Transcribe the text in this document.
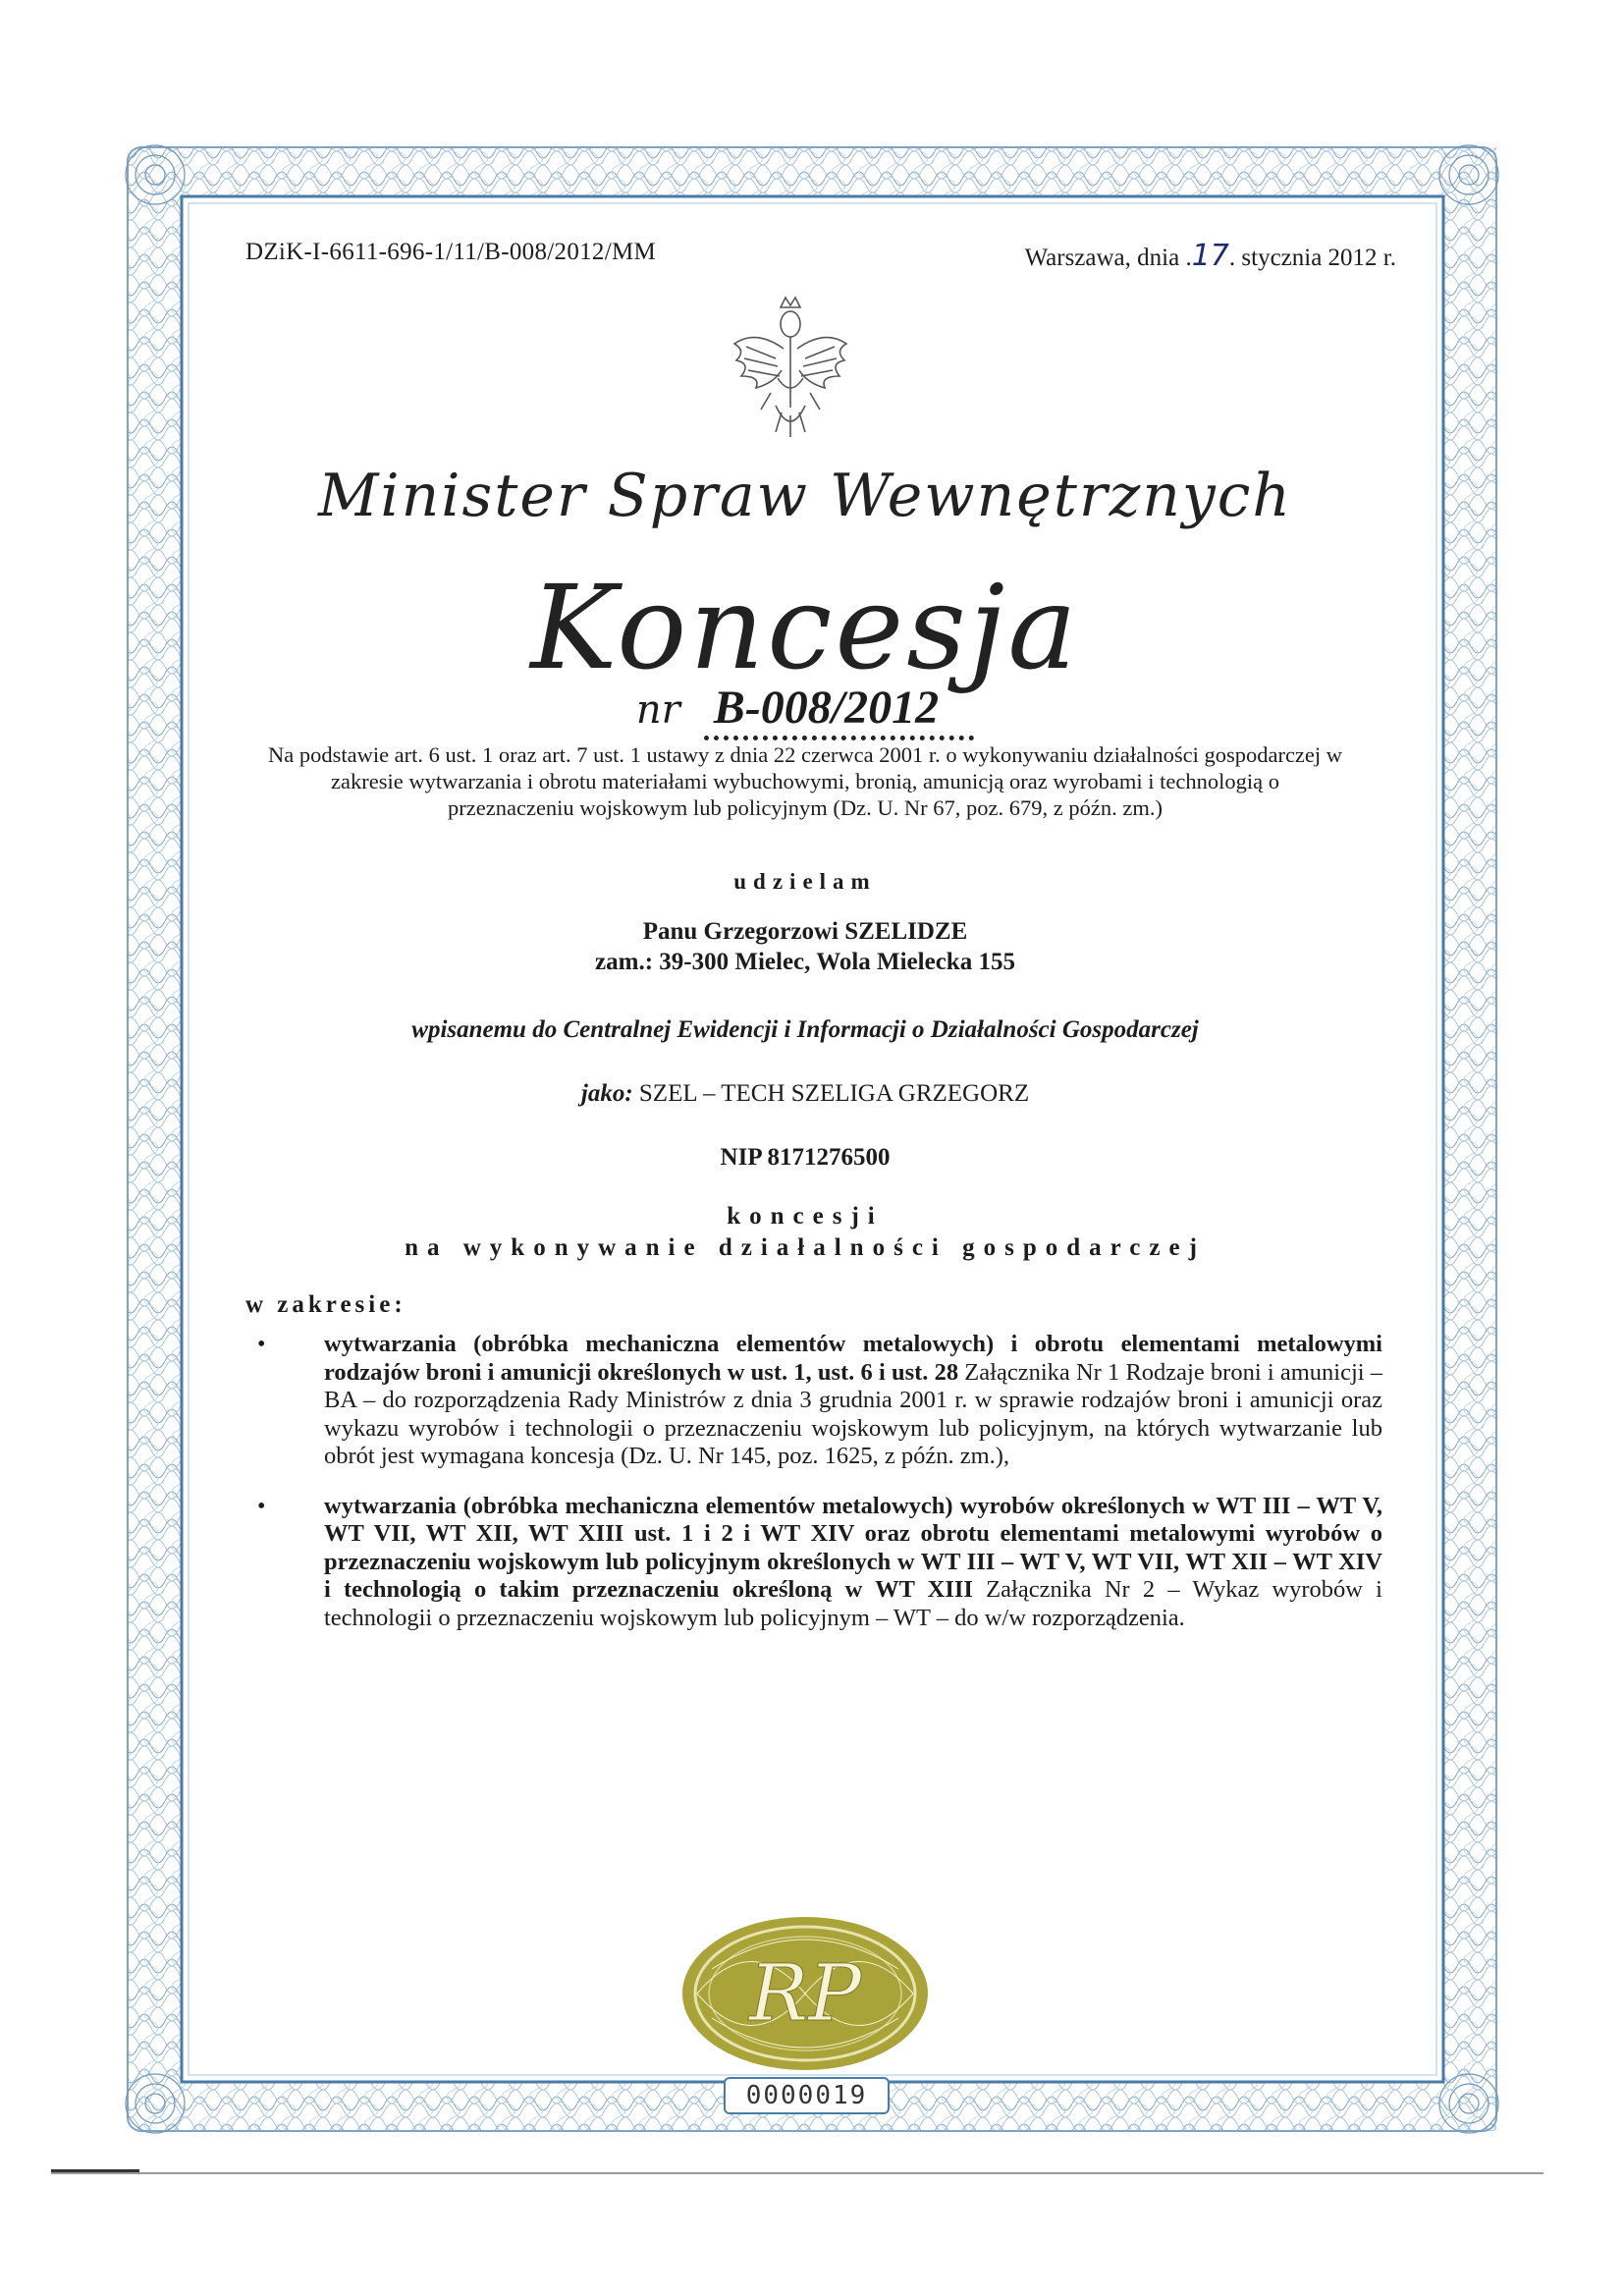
DZiK-I-6611-696-1/11/B-008/2012/MM	Warszawa, dnia .17. stycznia 2012 r.
Minister Spraw Wewnętrznych
Koncesja
nr B-008/2012
Na podstawie art. 6 ust. 1 oraz art. 7 ust. 1 ustawy z dnia 22 czerwca 2001 r. o wykonywaniu działalności gospodarczej w zakresie wytwarzania i obrotu materiałami wybuchowymi, bronią, amunicją oraz wyrobami i technologią o przeznaczeniu wojskowym lub policyjnym (Dz. U. Nr 67, poz. 679, z późn. zm.)
udzielam
Panu Grzegorzowi SZELIDZE
zam.: 39-300 Mielec, Wola Mielecka 155
wpisanemu do Centralnej Ewidencji i Informacji o Działalności Gospodarczej
jako: SZEL – TECH SZELIGA GRZEGORZ
NIP 8171276500
koncesji
na wykonywanie działalności gospodarczej
w zakresie:
• wytwarzania (obróbka mechaniczna elementów metalowych) i obrotu elementami metalowymi rodzajów broni i amunicji określonych w ust. 1, ust. 6 i ust. 28 Załącznika Nr 1 Rodzaje broni i amunicji – BA – do rozporządzenia Rady Ministrów z dnia 3 grudnia 2001 r. w sprawie rodzajów broni i amunicji oraz wykazu wyrobów i technologii o przeznaczeniu wojskowym lub policyjnym, na których wytwarzanie lub obrót jest wymagana koncesja (Dz. U. Nr 145, poz. 1625, z późn. zm.),
• wytwarzania (obróbka mechaniczna elementów metalowych) wyrobów określonych w WT III – WT V, WT VII, WT XII, WT XIII ust. 1 i 2 i WT XIV oraz obrotu elementami metalowymi wyrobów o przeznaczeniu wojskowym lub policyjnym określonych w WT III – WT V, WT VII, WT XII – WT XIV i technologią o takim przeznaczeniu określoną w WT XIII Załącznika Nr 2 – Wykaz wyrobów i technologii o przeznaczeniu wojskowym lub policyjnym – WT – do w/w rozporządzenia.
RP
0000019
